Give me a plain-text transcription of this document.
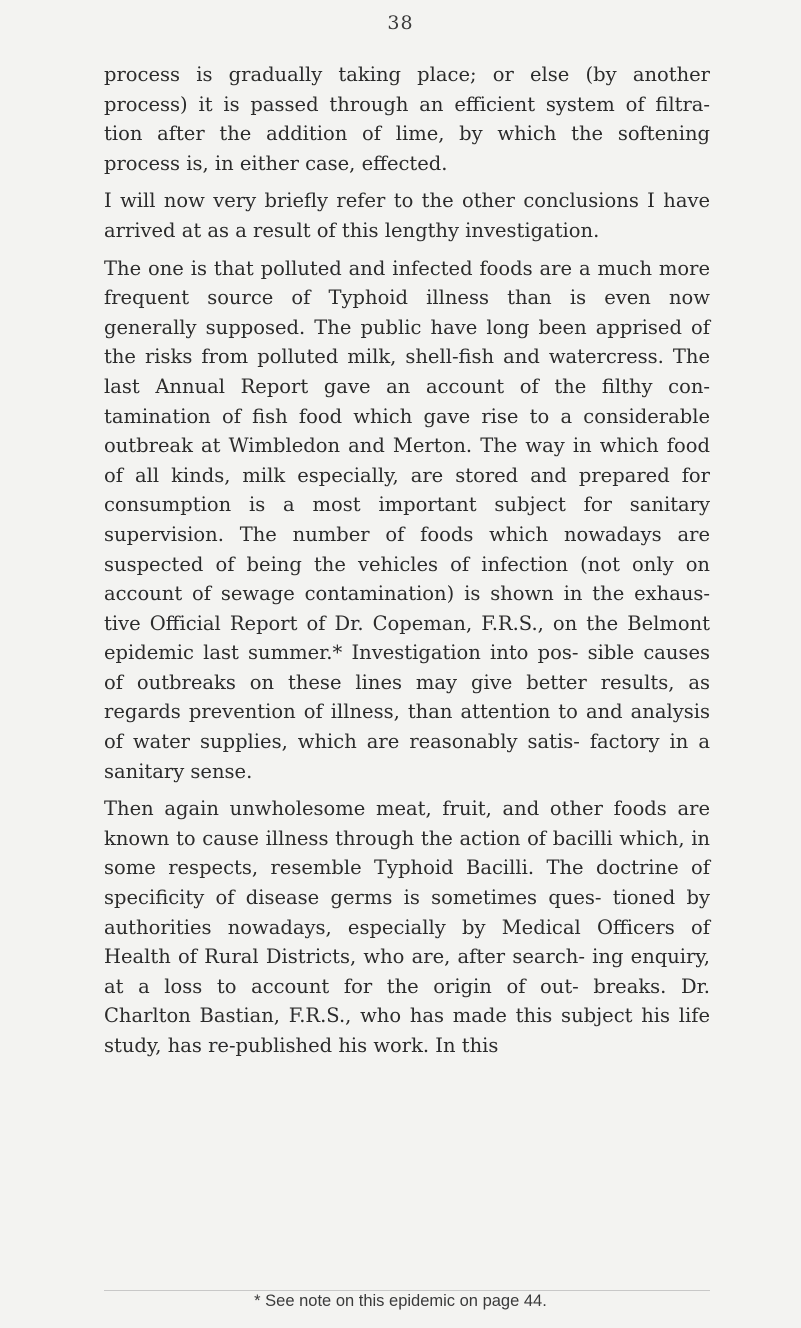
38

process is gradually taking place; or else (by another process) it is passed through an efficient system of filtra- tion after the addition of lime, by which the softening process is, in either case, effected.

I will now very briefly refer to the other conclusions I have arrived at as a result of this lengthy investigation.

The one is that polluted and infected foods are a much more frequent source of Typhoid illness than is even now generally supposed. The public have long been apprised of the risks from polluted milk, shell-fish and watercress. The last Annual Report gave an account of the filthy con- tamination of fish food which gave rise to a considerable outbreak at Wimbledon and Merton. The way in which food of all kinds, milk especially, are stored and prepared for consumption is a most important subject for sanitary supervision. The number of foods which nowadays are suspected of being the vehicles of infection (not only on account of sewage contamination) is shown in the exhaus- tive Official Report of Dr. Copeman, F.R.S., on the Belmont epidemic last summer.* Investigation into pos- sible causes of outbreaks on these lines may give better results, as regards prevention of illness, than attention to and analysis of water supplies, which are reasonably satis- factory in a sanitary sense.

Then again unwholesome meat, fruit, and other foods are known to cause illness through the action of bacilli which, in some respects, resemble Typhoid Bacilli. The doctrine of specificity of disease germs is sometimes ques- tioned by authorities nowadays, especially by Medical Officers of Health of Rural Districts, who are, after search- ing enquiry, at a loss to account for the origin of out- breaks. Dr. Charlton Bastian, F.R.S., who has made this subject his life study, has re-published his work. In this

* See note on this epidemic on page 44.
